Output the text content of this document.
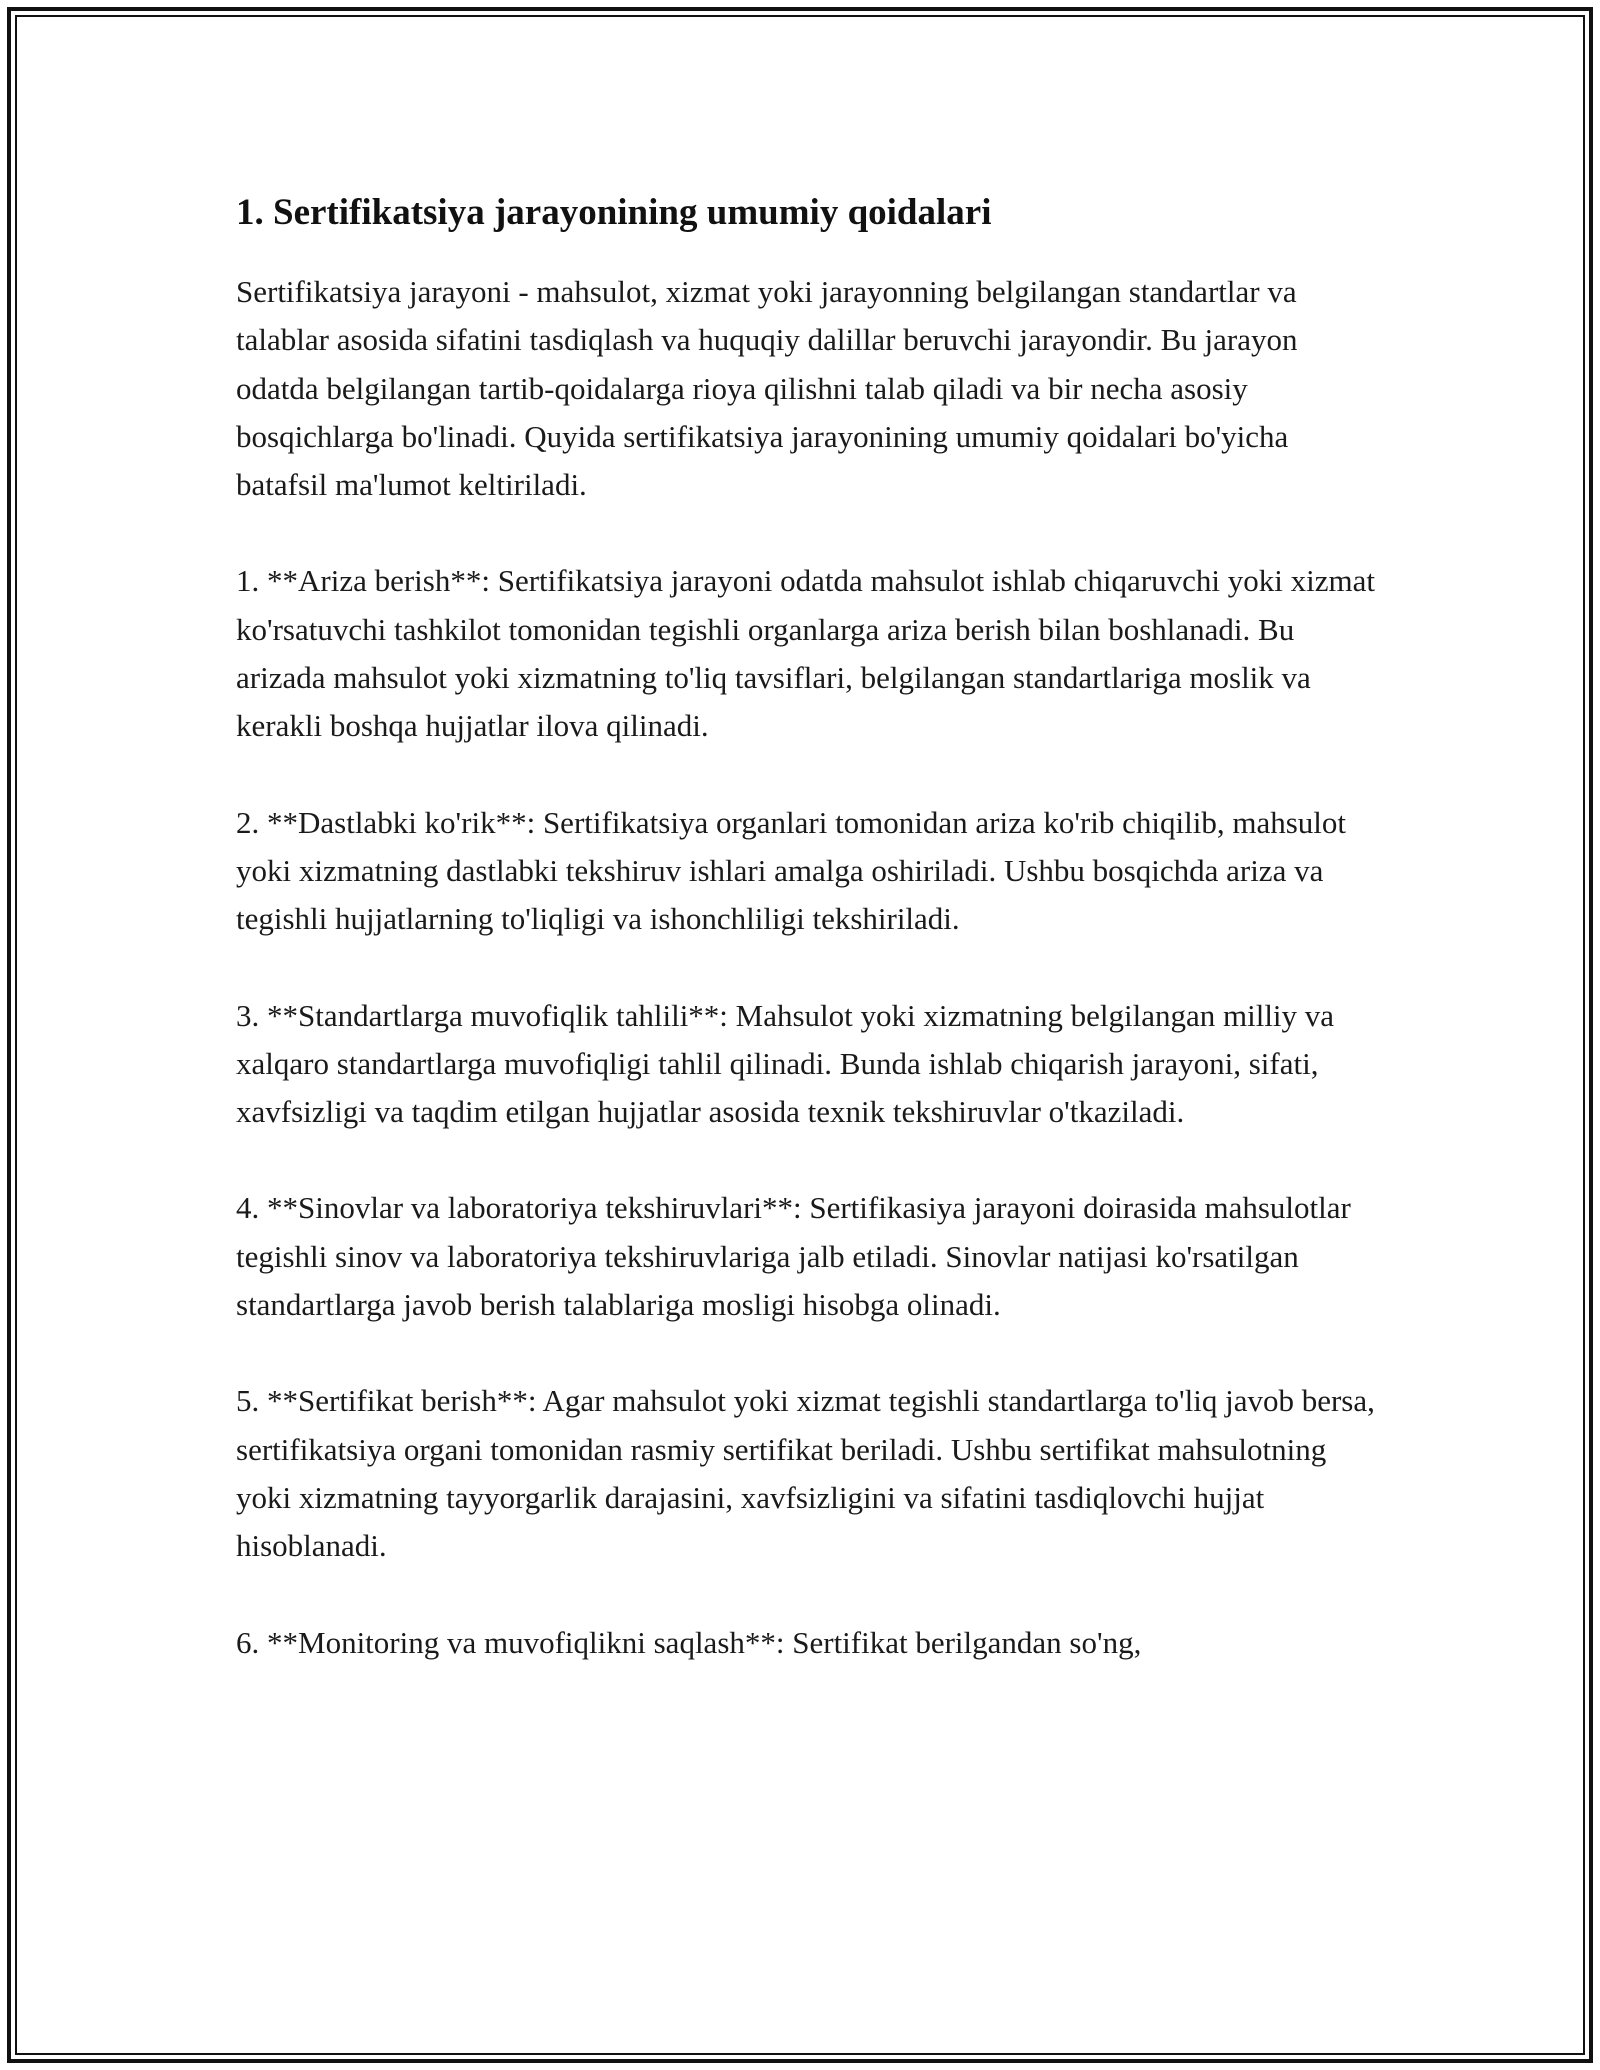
1. Sertifikatsiya jarayonining umumiy qoidalari

Sertifikatsiya jarayoni - mahsulot, xizmat yoki jarayonning belgilangan standartlar va talablar asosida sifatini tasdiqlash va huquqiy dalillar beruvchi jarayondir. Bu jarayon odatda belgilangan tartib-qoidalarga rioya qilishni talab qiladi va bir necha asosiy bosqichlarga bo'linadi. Quyida sertifikatsiya jarayonining umumiy qoidalari bo'yicha batafsil ma'lumot keltiriladi.

1. **Ariza berish**: Sertifikatsiya jarayoni odatda mahsulot ishlab chiqaruvchi yoki xizmat ko'rsatuvchi tashkilot tomonidan tegishli organlarga ariza berish bilan boshlanadi. Bu arizada mahsulot yoki xizmatning to'liq tavsiflari, belgilangan standartlariga moslik va kerakli boshqa hujjatlar ilova qilinadi.

2. **Dastlabki ko'rik**: Sertifikatsiya organlari tomonidan ariza ko'rib chiqilib, mahsulot yoki xizmatning dastlabki tekshiruv ishlari amalga oshiriladi. Ushbu bosqichda ariza va tegishli hujjatlarning to'liqligi va ishonchliligi tekshiriladi.

3. **Standartlarga muvofiqlik tahlili**: Mahsulot yoki xizmatning belgilangan milliy va xalqaro standartlarga muvofiqligi tahlil qilinadi. Bunda ishlab chiqarish jarayoni, sifati, xavfsizligi va taqdim etilgan hujjatlar asosida texnik tekshiruvlar o'tkaziladi.

4. **Sinovlar va laboratoriya tekshiruvlari**: Sertifikasiya jarayoni doirasida mahsulotlar tegishli sinov va laboratoriya tekshiruvlariga jalb etiladi. Sinovlar natijasi ko'rsatilgan standartlarga javob berish talablariga mosligi hisobga olinadi.

5. **Sertifikat berish**: Agar mahsulot yoki xizmat tegishli standartlarga to'liq javob bersa, sertifikatsiya organi tomonidan rasmiy sertifikat beriladi. Ushbu sertifikat mahsulotning yoki xizmatning tayyorgarlik darajasini, xavfsizligini va sifatini tasdiqlovchi hujjat hisoblanadi.

6. **Monitoring va muvofiqlikni saqlash**: Sertifikat berilgandan so'ng,
